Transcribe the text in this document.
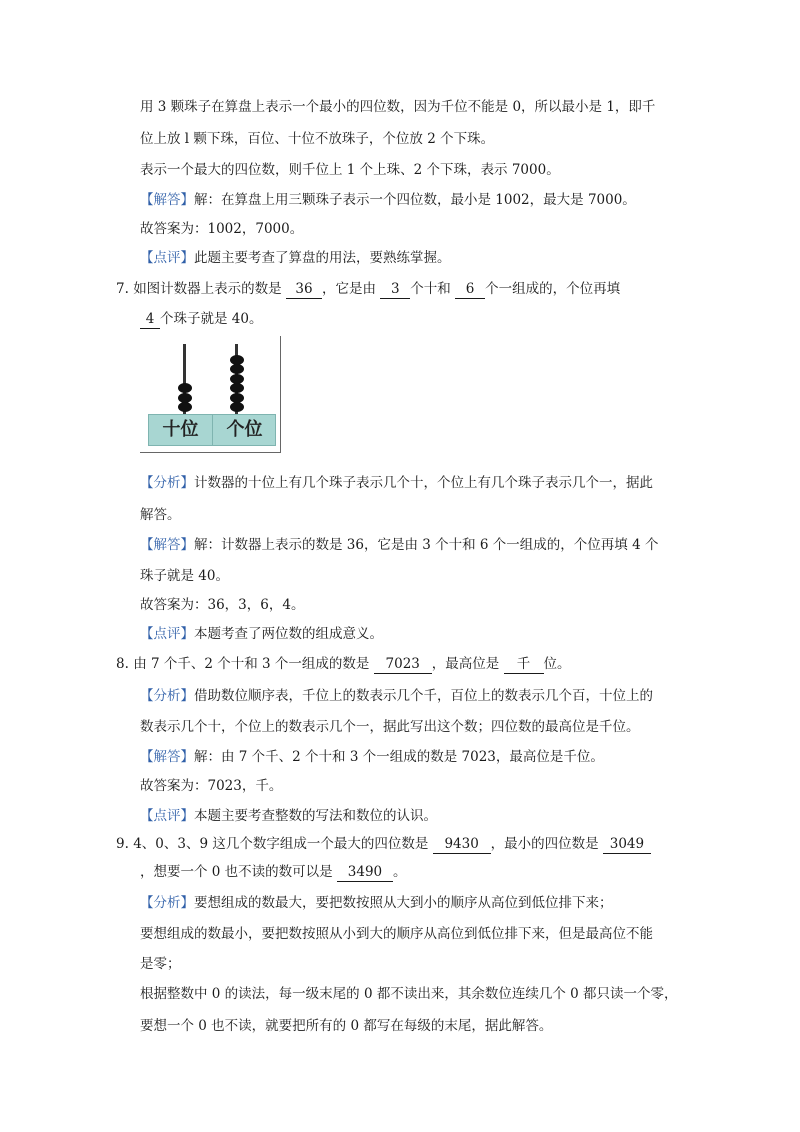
用 3 颗珠子在算盘上表示一个最小的四位数，因为千位不能是 0，所以最小是 1，即千
位上放 l 颗下珠，百位、十位不放珠子，个位放 2 个下珠。
表示一个最大的四位数，则千位上 1 个上珠、2 个下珠，表示 7000。
【解答】解：在算盘上用三颗珠子表示一个四位数，最小是 1002，最大是 7000。
故答案为：1002，7000。
【点评】此题主要考查了算盘的用法，要熟练掌握。
7. 如图计数器上表示的数是 36 ，它是由 3 个十和 6 个一组成的，个位再填
4 个珠子就是 40。
十位	个位
【分析】计数器的十位上有几个珠子表示几个十，个位上有几个珠子表示几个一，据此
解答。
【解答】解：计数器上表示的数是 36，它是由 3 个十和 6 个一组成的，个位再填 4 个
珠子就是 40。
故答案为：36，3，6，4。
【点评】本题考查了两位数的组成意义。
8. 由 7 个千、2 个十和 3 个一组成的数是 7023 ，最高位是 千 位。
【分析】借助数位顺序表，千位上的数表示几个千，百位上的数表示几个百，十位上的
数表示几个十，个位上的数表示几个一，据此写出这个数；四位数的最高位是千位。
【解答】解：由 7 个千、2 个十和 3 个一组成的数是 7023，最高位是千位。
故答案为：7023，千。
【点评】本题主要考查整数的写法和数位的认识。
9. 4、0、3、9 这几个数字组成一个最大的四位数是 9430 ，最小的四位数是 3049
，想要一个 0 也不读的数可以是 3490 。
【分析】要想组成的数最大，要把数按照从大到小的顺序从高位到低位排下来；
要想组成的数最小，要把数按照从小到大的顺序从高位到低位排下来，但是最高位不能
是零；
根据整数中 0 的读法，每一级末尾的 0 都不读出来，其余数位连续几个 0 都只读一个零，
要想一个 0 也不读，就要把所有的 0 都写在每级的末尾，据此解答。
